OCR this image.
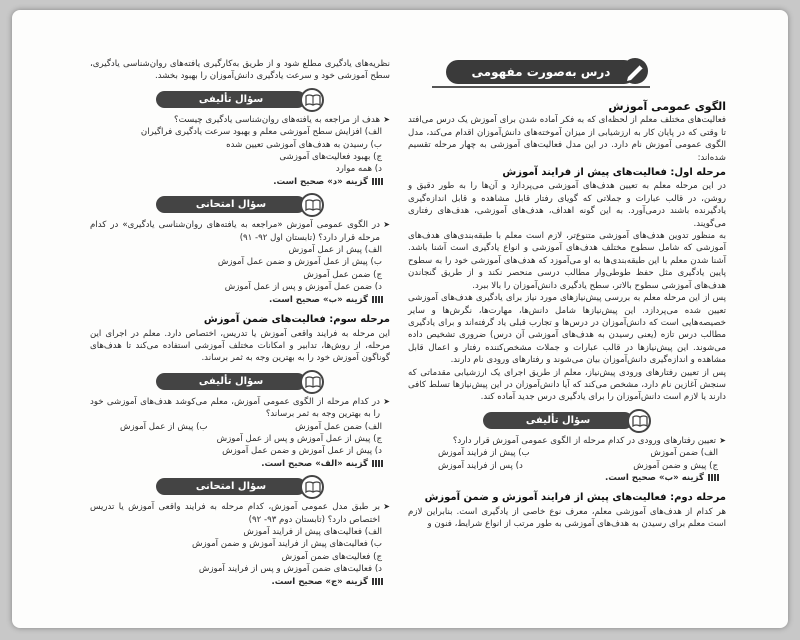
درس به‌صورت مفهومی
الگوی عمومی آموزش
فعالیت‌های مختلف معلم از لحظه‌ای که به فکر آماده شدن برای آموزش یک درس می‌افتد تا وقتی که در پایان کار به ارزشیابی از میزان آموخته‌های دانش‌آموزان اقدام می‌کند، مدل الگوی عمومی آموزش نام دارد. در این مدل فعالیت‌های آموزشی به چهار مرحله تقسیم شده‌اند:
مرحله اول: فعالیت‌های پیش از فرایند آموزش
در این مرحله معلم به تعیین هدف‌های آموزشی می‌پردازد و آن‌ها را به طور دقیق و روشن، در قالب عبارات و جملاتی که گویای رفتار قابل مشاهده و قابل اندازه‌گیری یادگیرنده باشند درمی‌آورد. به این گونه اهداف، هدف‌های آموزشی، هدف‌های رفتاری می‌گویند.
به منظور تدوین هدف‌های آموزشی متنوع‌تر، لازم است معلم با طبقه‌بندی‌های هدف‌های آموزشی که شامل سطوح مختلف هدف‌های آموزشی و انواع یادگیری است آشنا باشد. آشنا شدن معلم با این طبقه‌بندی‌ها به او می‌آموزد که هدف‌های آموزشی خود را به سطوح پایین یادگیری مثل حفظ طوطی‌وار مطالب درسی منحصر نکند و از طریق گنجاندن هدف‌های آموزشی سطوح بالاتر، سطح یادگیری دانش‌آموزان را بالا ببرد.
پس از این مرحله معلم به بررسی پیش‌نیازهای مورد نیاز برای یادگیری هدف‌های آموزشی تعیین شده می‌پردازد. این پیش‌نیازها شامل دانش‌ها، مهارت‌ها، نگرش‌ها و سایر خصیصه‌هایی است که دانش‌آموزان در درس‌ها و تجارب قبلی یاد گرفته‌اند و برای یادگیری مطالب درس تازه (یعنی رسیدن به هدف‌های آموزشی آن درس) ضروری تشخیص داده می‌شوند. این پیش‌نیازها در قالب عبارات و جملات مشخص‌کننده رفتار و اعمال قابل مشاهده و اندازه‌گیری دانش‌آموزان بیان می‌شوند و رفتارهای ورودی نام دارند.
پس از تعیین رفتارهای ورودی پیش‌نیاز، معلم از طریق اجرای یک ارزشیابی مقدماتی که سنجش آغازین نام دارد، مشخص می‌کند که آیا دانش‌آموزان در این پیش‌نیازها تسلط کافی دارند یا لازم است دانش‌آموزان را برای یادگیری درس جدید آماده کند.
سؤال تألیفی
➤
تعیین رفتارهای ورودی در کدام مرحله از الگوی عمومی آموزش قرار دارد؟
الف) ضمن آموزش
ب) پیش از فرایند آموزش
ج) پیش و ضمن آموزش
د) پس از فرایند آموزش
گزینه «ب» صحیح است.
مرحله دوم: فعالیت‌های پیش از فرایند آموزش و ضمن آموزش
هر کدام از هدف‌های آموزشی معلم، معرف نوع خاصی از یادگیری است. بنابراین لازم است معلم برای رسیدن به هدف‌های آموزشی به طور مرتب از انواع شرایط، فنون و
نظریه‌های یادگیری مطلع شود و از طریق به‌کارگیری یافته‌های روان‌شناسی یادگیری، سطح آموزشی خود و سرعت یادگیری دانش‌آموزان را بهبود بخشد.
سؤال تألیفی
➤
هدف از مراجعه به یافته‌های روان‌شناسی یادگیری چیست؟
الف) افزایش سطح آموزشی معلم و بهبود سرعت یادگیری فراگیران
ب) رسیدن به هدف‌های آموزشی تعیین شده
ج) بهبود فعالیت‌های آموزشی
د) همه موارد
گزینه «د» صحیح است.
سؤال امتحانی
➤
در الگوی عمومی آموزش «مراجعه به یافته‌های روان‌شناسی یادگیری» در کدام مرحله قرار دارد؟ (تابستان اول ۹۲- ۹۱)
الف) پیش از عمل آموزش
ب) پیش از عمل آموزش و ضمن عمل آموزش
ج) ضمن عمل آموزش
د) ضمن عمل آموزش و پس از عمل آموزش
گزینه «ب» صحیح است.
مرحله سوم: فعالیت‌های ضمن آموزش
این مرحله به فرایند واقعی آموزش یا تدریس، اختصاص دارد. معلم در اجرای این مرحله، از روش‌ها، تدابیر و امکانات مختلف آموزشی استفاده می‌کند تا هدف‌های گوناگون آموزش خود را به بهترین وجه به ثمر برساند.
سؤال تألیفی
➤
در کدام مرحله از الگوی عمومی آموزش، معلم می‌کوشد هدف‌های آموزشی خود را به بهترین وجه به ثمر برساند؟
الف) ضمن عمل آموزش
ب) پیش از عمل آموزش
ج) پیش از عمل آموزش و پس از عمل آموزش
د) پیش از عمل آموزش و ضمن عمل آموزش
گزینه «الف» صحیح است.
سؤال امتحانی
➤
بر طبق مدل عمومی آموزش، کدام مرحله به فرایند واقعی آموزش یا تدریس اختصاص دارد؟ (تابستان دوم ۹۳- ۹۲)
الف) فعالیت‌های پیش از فرایند آموزش
ب) فعالیت‌های پیش از فرایند آموزش و ضمن آموزش
ج) فعالیت‌های ضمن آموزش
د) فعالیت‌های ضمن آموزش و پس از فرایند آموزش
گزینه «ج» صحیح است.
